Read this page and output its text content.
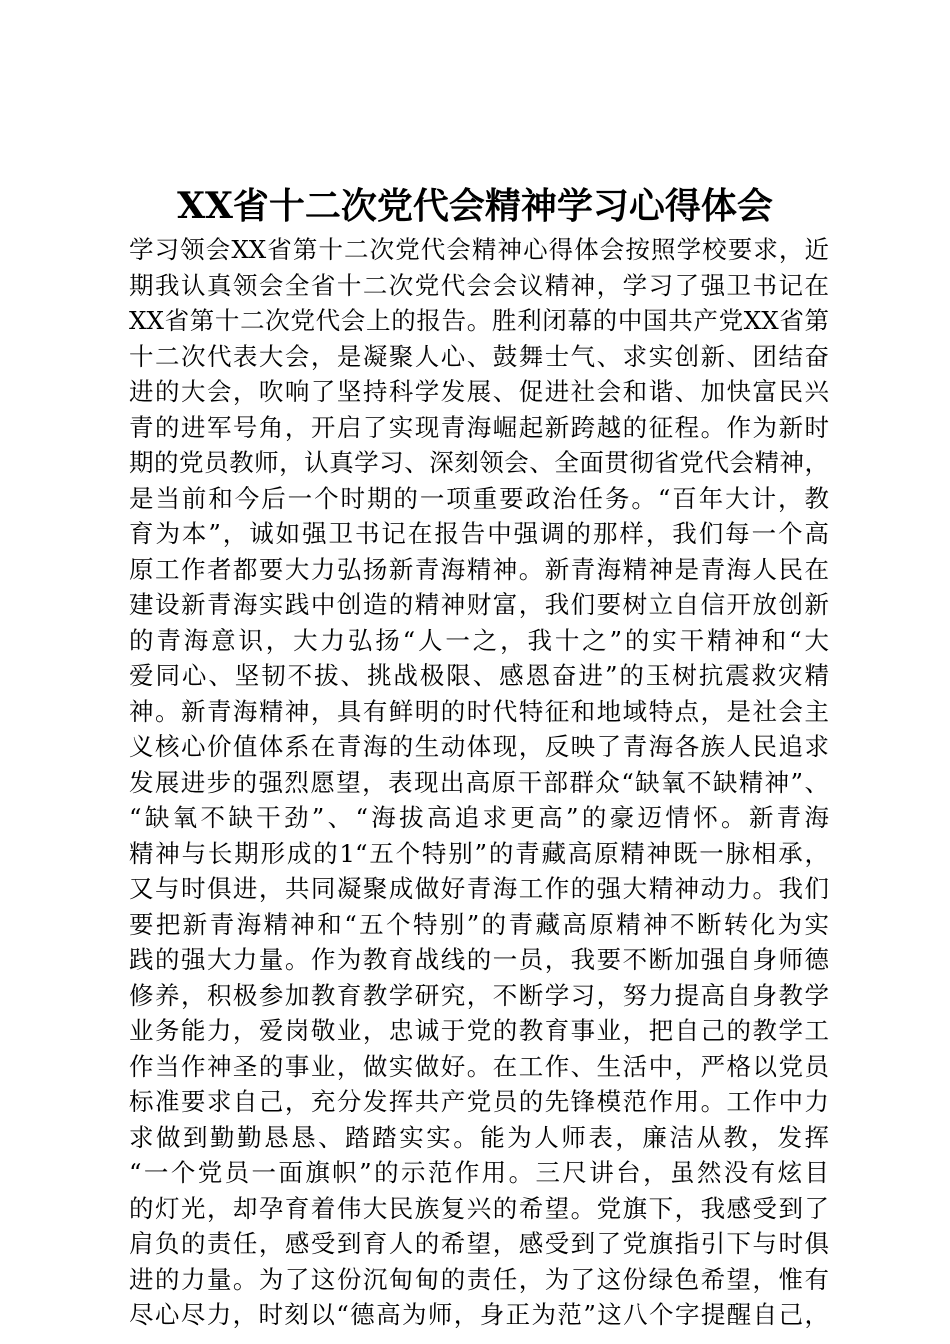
XX省十二次党代会精神学习心得体会
学习领会XX省第十二次党代会精神心得体会按照学校要求，近
期我认真领会全省十二次党代会会议精神，学习了强卫书记在
XX省第十二次党代会上的报告。胜利闭幕的中国共产党XX省第
十二次代表大会，是凝聚人心、鼓舞士气、求实创新、团结奋
进的大会，吹响了坚持科学发展、促进社会和谐、加快富民兴
青的进军号角，开启了实现青海崛起新跨越的征程。作为新时
期的党员教师，认真学习、深刻领会、全面贯彻省党代会精神，
是当前和今后一个时期的一项重要政治任务。“百年大计，教
育为本”，诚如强卫书记在报告中强调的那样，我们每一个高
原工作者都要大力弘扬新青海精神。新青海精神是青海人民在
建设新青海实践中创造的精神财富，我们要树立自信开放创新
的青海意识，大力弘扬“人一之，我十之”的实干精神和“大
爱同心、坚韧不拔、挑战极限、感恩奋进”的玉树抗震救灾精
神。新青海精神，具有鲜明的时代特征和地域特点，是社会主
义核心价值体系在青海的生动体现，反映了青海各族人民追求
发展进步的强烈愿望，表现出高原干部群众“缺氧不缺精神”、
“缺氧不缺干劲”、“海拔高追求更高”的豪迈情怀。新青海
精神与长期形成的1“五个特别”的青藏高原精神既一脉相承，
又与时俱进，共同凝聚成做好青海工作的强大精神动力。我们
要把新青海精神和“五个特别”的青藏高原精神不断转化为实
践的强大力量。作为教育战线的一员，我要不断加强自身师德
修养，积极参加教育教学研究，不断学习，努力提高自身教学
业务能力，爱岗敬业，忠诚于党的教育事业，把自己的教学工
作当作神圣的事业，做实做好。在工作、生活中，严格以党员
标准要求自己，充分发挥共产党员的先锋模范作用。工作中力
求做到勤勤恳恳、踏踏实实。能为人师表，廉洁从教，发挥
“一个党员一面旗帜”的示范作用。三尺讲台，虽然没有炫目
的灯光，却孕育着伟大民族复兴的希望。党旗下，我感受到了
肩负的责任，感受到育人的希望，感受到了党旗指引下与时俱
进的力量。为了这份沉甸甸的责任，为了这份绿色希望，惟有
尽心尽力，时刻以“德高为师，身正为范”这八个字提醒自己，
